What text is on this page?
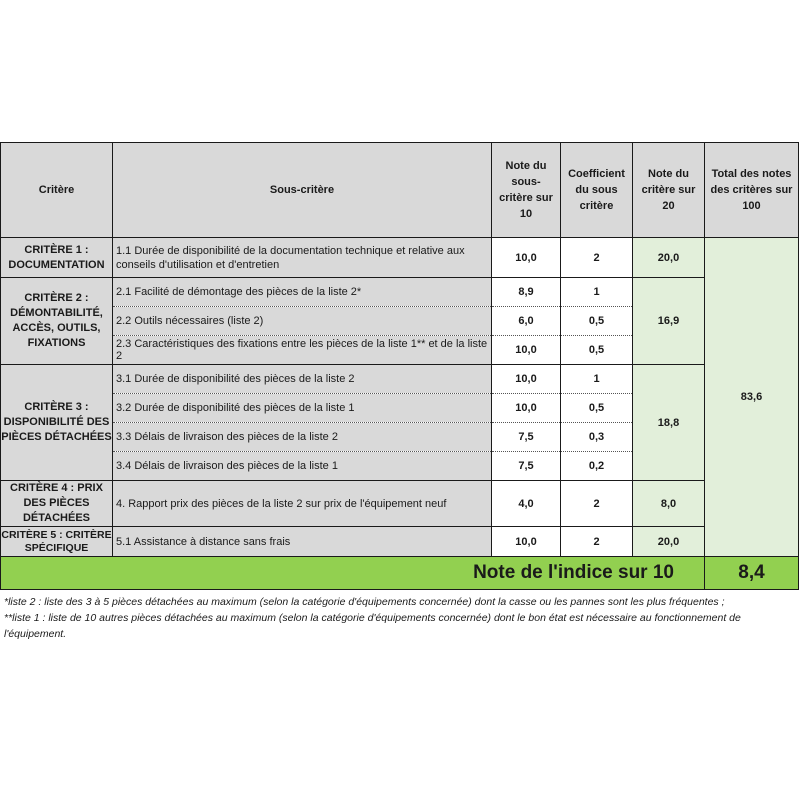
Critère	Sous-critère	Note du sous-critère sur 10	Coefficient du sous critère	Note du critère sur 20	Total des notes des critères sur 100
CRITÈRE 1 : DOCUMENTATION	1.1 Durée de disponibilité de la documentation technique et relative aux conseils d'utilisation et d'entretien	10,0	2	20,0	83,6
CRITÈRE 2 : DÉMONTABILITÉ, ACCÈS, OUTILS, FIXATIONS	2.1 Facilité de démontage des pièces de la liste 2*	8,9	1	16,9	
	2.2 Outils nécessaires (liste 2)	6,0	0,5		
	2.3 Caractéristiques des fixations entre les pièces de la liste 1** et de la liste 2	10,0	0,5		
CRITÈRE 3 : DISPONIBILITÉ DES PIÈCES DÉTACHÉES	3.1 Durée de disponibilité des pièces de la liste 2	10,0	1	18,8	
	3.2 Durée de disponibilité des pièces de la liste 1	10,0	0,5		
	3.3 Délais de livraison des pièces de la liste 2	7,5	0,3		
	3.4 Délais de livraison des pièces de la liste 1	7,5	0,2		
CRITÈRE 4 : PRIX DES PIÈCES DÉTACHÉES	4. Rapport prix des pièces de la liste 2 sur prix de l'équipement neuf	4,0	2	8,0	
CRITÈRE 5 : CRITÈRE SPÉCIFIQUE	5.1 Assistance à distance sans frais	10,0	2	20,0	
Note de l'indice sur 10					8,4

*liste 2 : liste des 3 à 5 pièces détachées au maximum (selon la catégorie d'équipements concernée) dont la casse ou les pannes sont les plus fréquentes ;

**liste 1 : liste de 10 autres pièces détachées au maximum (selon la catégorie d'équipements concernée) dont le bon état est nécessaire au fonctionnement de l'équipement.
